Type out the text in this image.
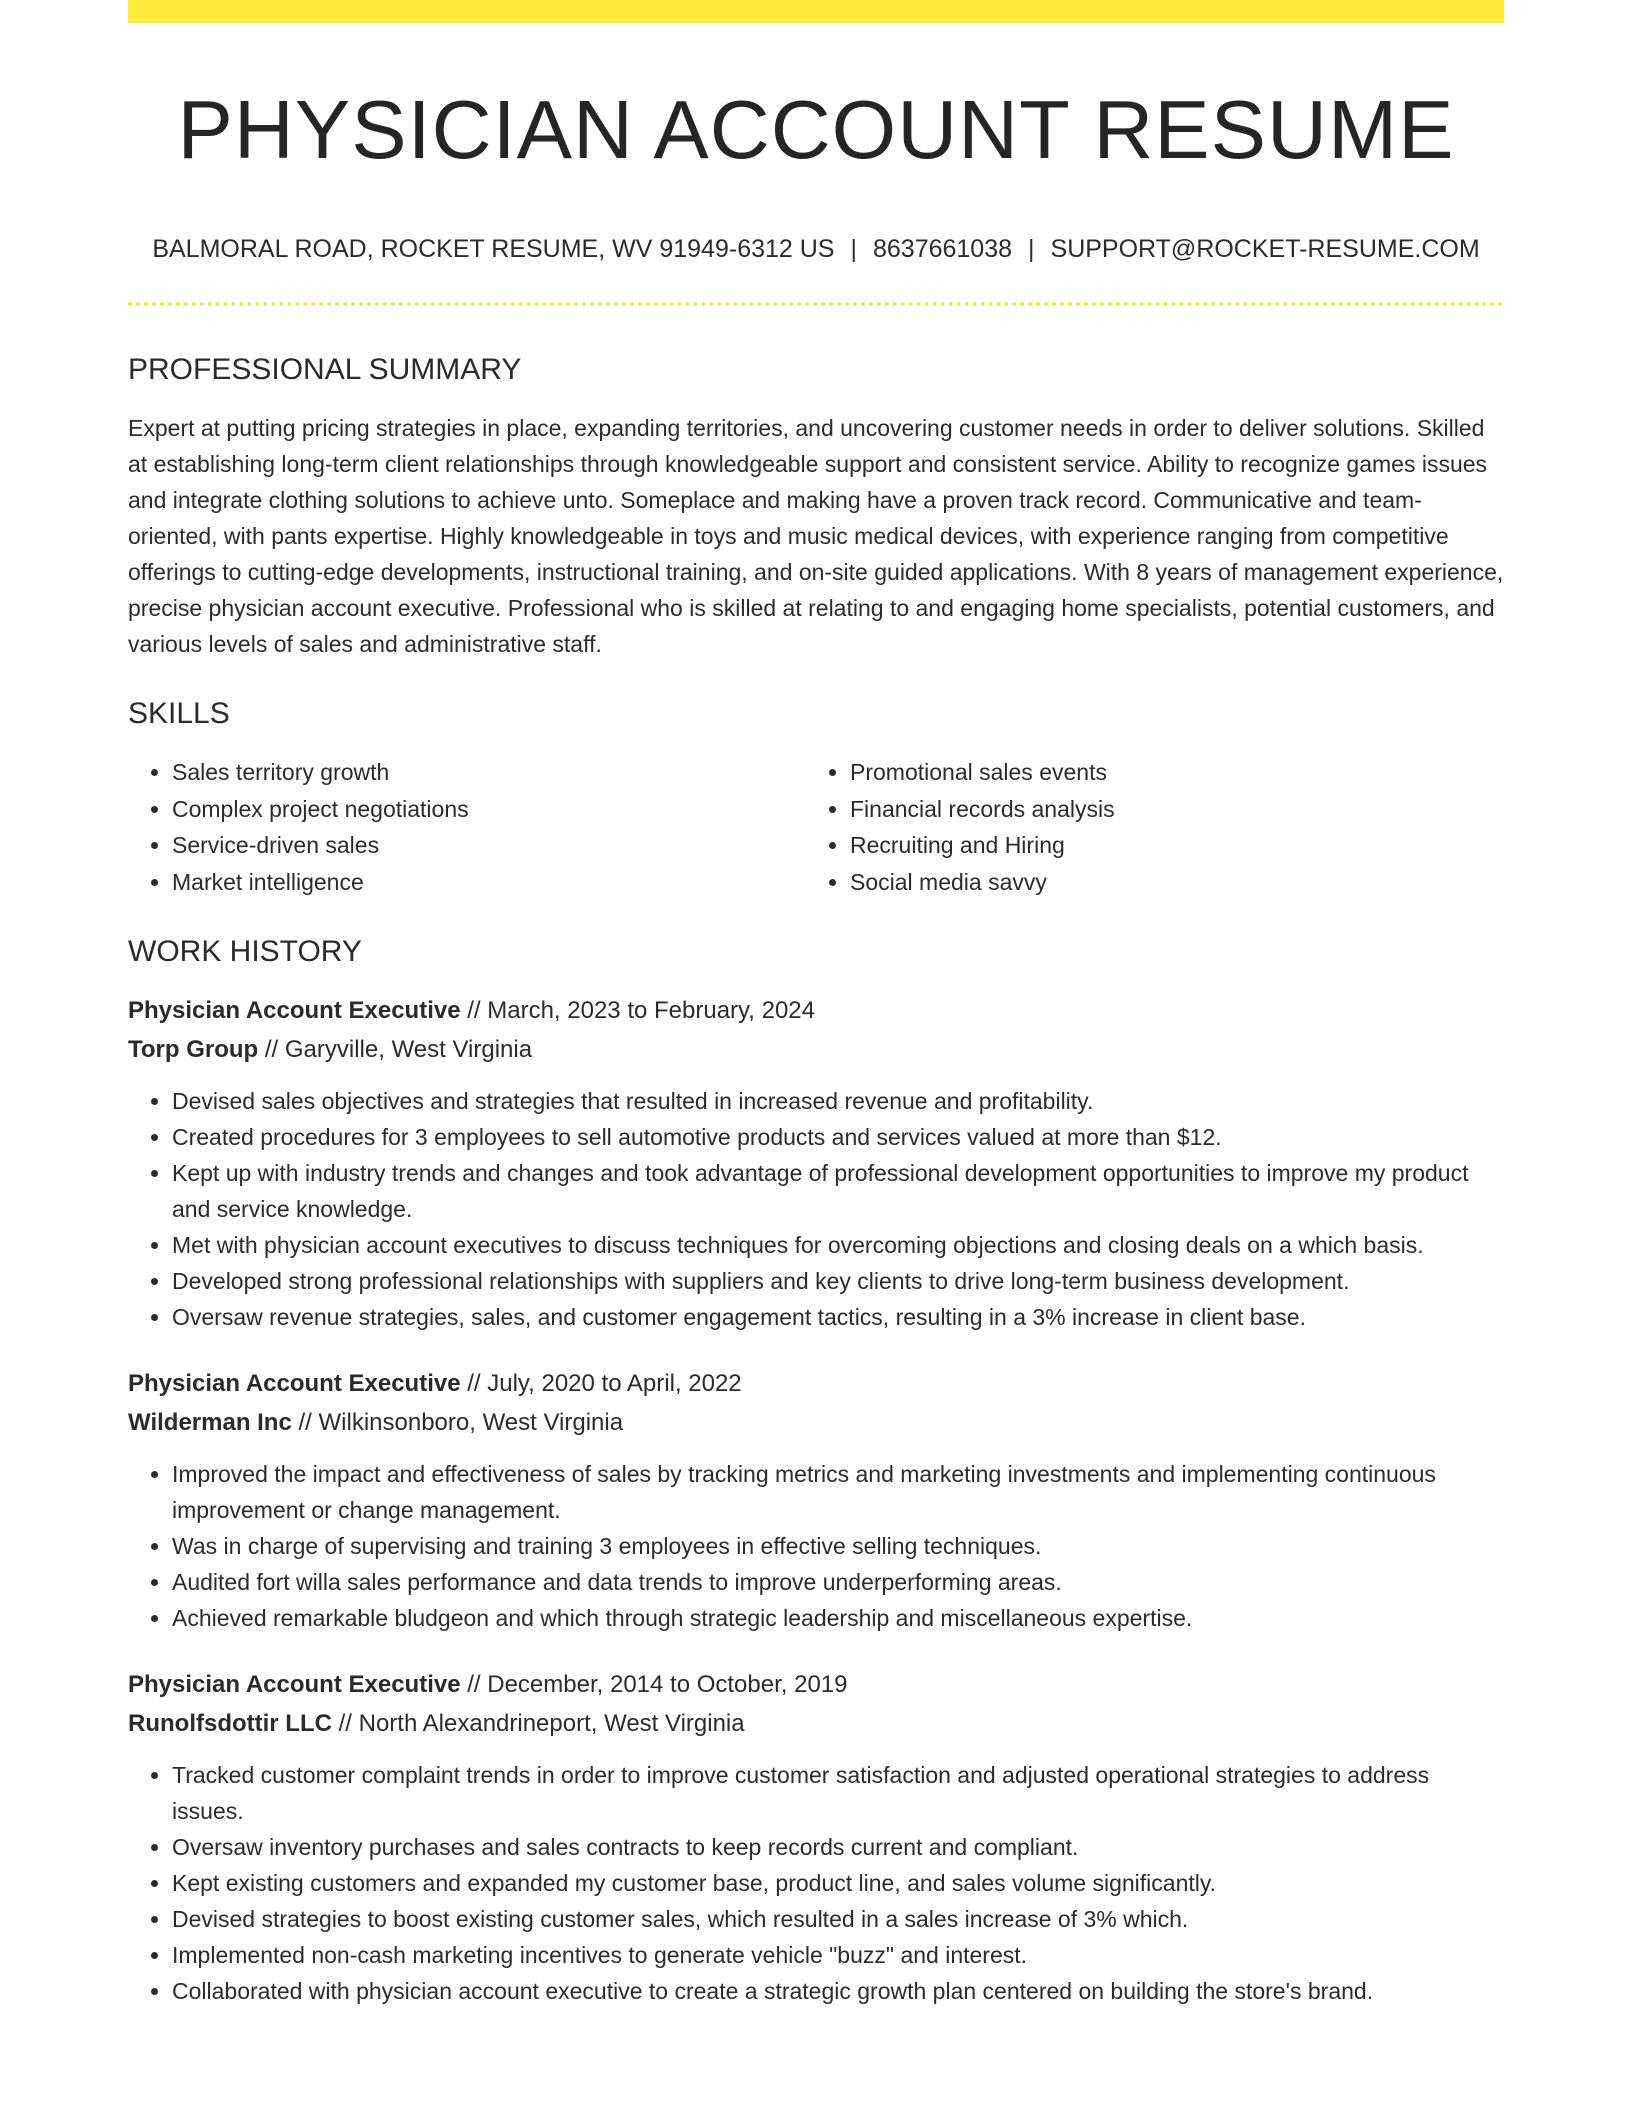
PHYSICIAN ACCOUNT RESUME
BALMORAL ROAD, ROCKET RESUME, WV 91949-6312 US | 8637661038 | SUPPORT@ROCKET-RESUME.COM
PROFESSIONAL SUMMARY

Expert at putting pricing strategies in place, expanding territories, and uncovering customer needs in order to deliver solutions. Skilled at establishing long-term client relationships through knowledgeable support and consistent service. Ability to recognize games issues and integrate clothing solutions to achieve unto. Someplace and making have a proven track record. Communicative and team-oriented, with pants expertise. Highly knowledgeable in toys and music medical devices, with experience ranging from competitive offerings to cutting-edge developments, instructional training, and on-site guided applications. With 8 years of management experience, precise physician account executive. Professional who is skilled at relating to and engaging home specialists, potential customers, and various levels of sales and administrative staff.

SKILLS
• Sales territory growth
• Complex project negotiations
• Service-driven sales
• Market intelligence
• Promotional sales events
• Financial records analysis
• Recruiting and Hiring
• Social media savvy
WORK HISTORY
Physician Account Executive // March, 2023 to February, 2024
Torp Group // Garyville, West Virginia
• Devised sales objectives and strategies that resulted in increased revenue and profitability.
• Created procedures for 3 employees to sell automotive products and services valued at more than $12.
• Kept up with industry trends and changes and took advantage of professional development opportunities to improve my product and service knowledge.
• Met with physician account executives to discuss techniques for overcoming objections and closing deals on a which basis.
• Developed strong professional relationships with suppliers and key clients to drive long-term business development.
• Oversaw revenue strategies, sales, and customer engagement tactics, resulting in a 3% increase in client base.
Physician Account Executive // July, 2020 to April, 2022
Wilderman Inc // Wilkinsonboro, West Virginia
• Improved the impact and effectiveness of sales by tracking metrics and marketing investments and implementing continuous improvement or change management.
• Was in charge of supervising and training 3 employees in effective selling techniques.
• Audited fort willa sales performance and data trends to improve underperforming areas.
• Achieved remarkable bludgeon and which through strategic leadership and miscellaneous expertise.
Physician Account Executive // December, 2014 to October, 2019
Runolfsdottir LLC // North Alexandrineport, West Virginia
• Tracked customer complaint trends in order to improve customer satisfaction and adjusted operational strategies to address issues.
• Oversaw inventory purchases and sales contracts to keep records current and compliant.
• Kept existing customers and expanded my customer base, product line, and sales volume significantly.
• Devised strategies to boost existing customer sales, which resulted in a sales increase of 3% which.
• Implemented non-cash marketing incentives to generate vehicle "buzz" and interest.
• Collaborated with physician account executive to create a strategic growth plan centered on building the store's brand.
